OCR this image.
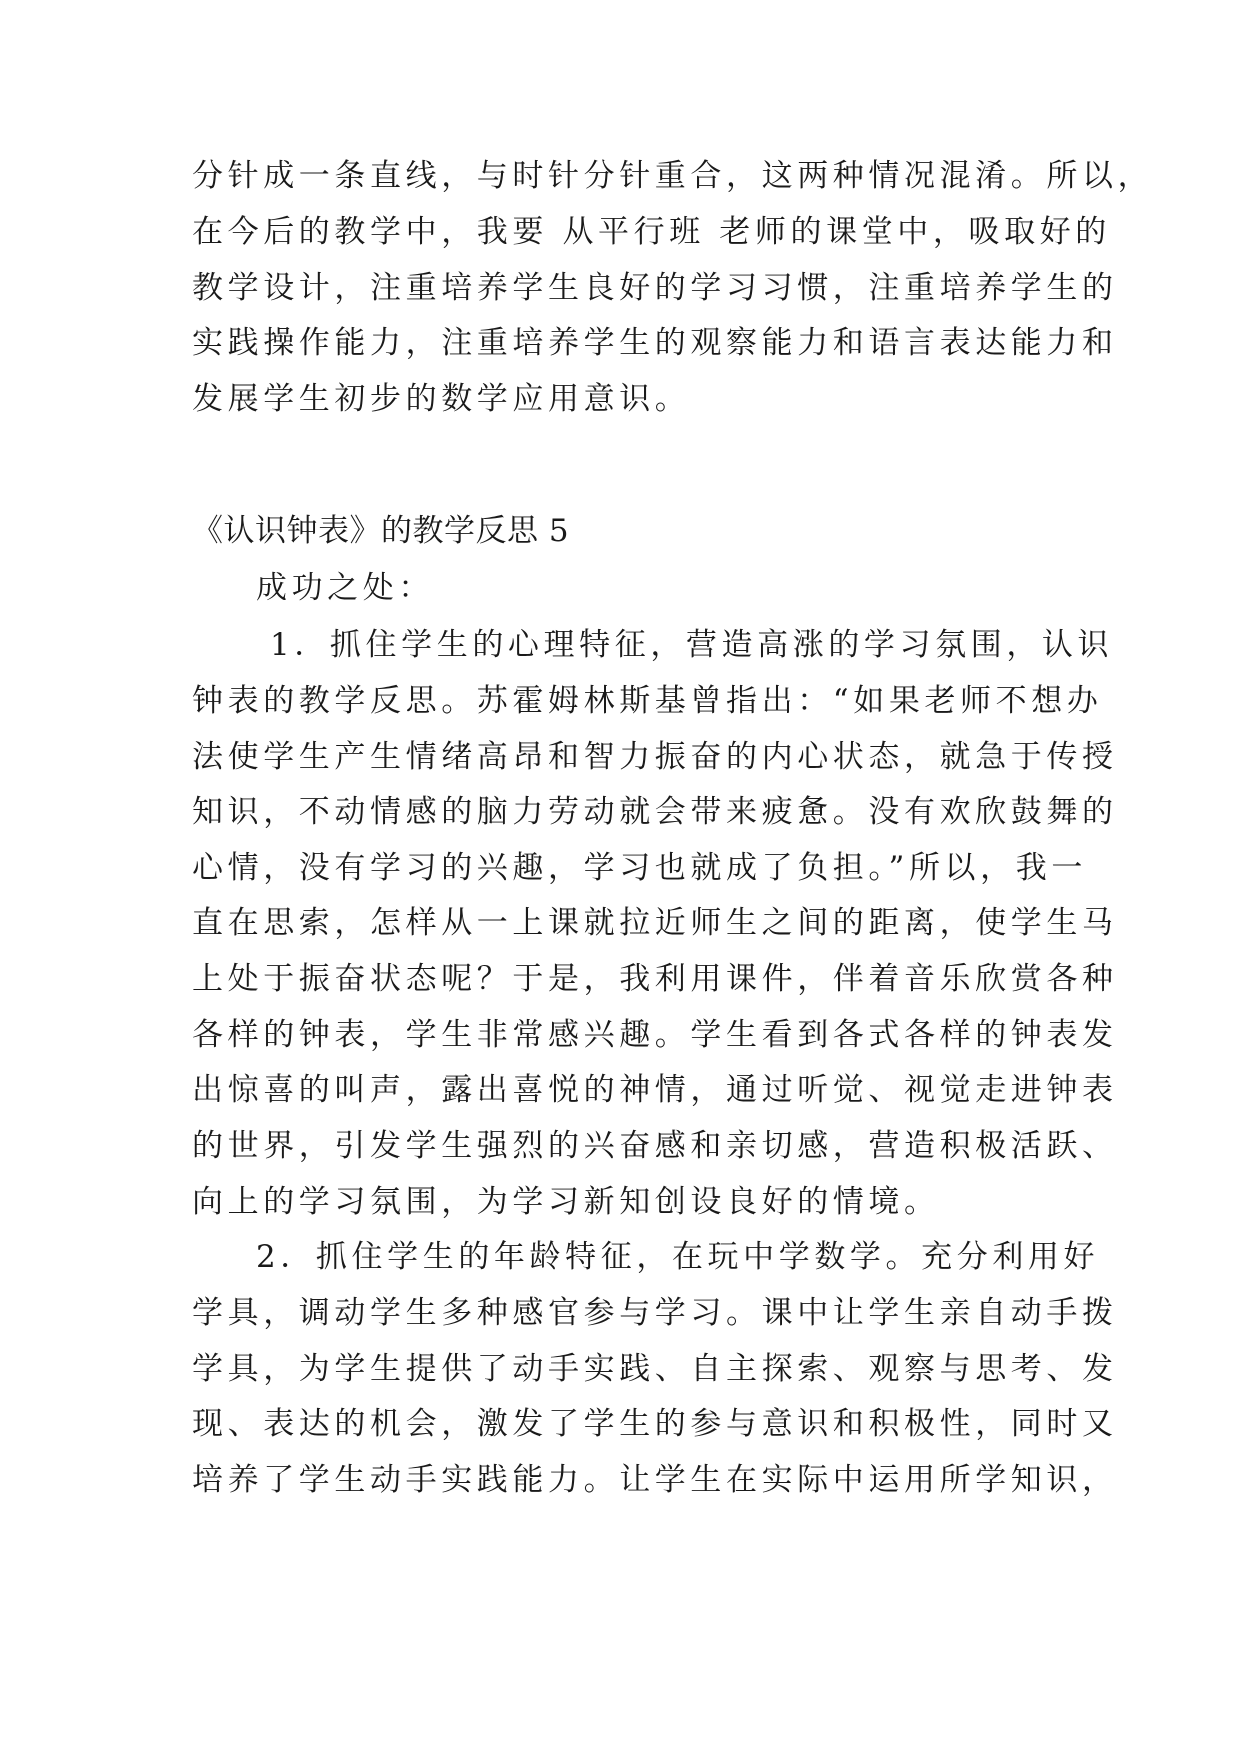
分针成一条直线，与时针分针重合，这两种情况混淆。所以，
在今后的教学中，我要 从平行班 老师的课堂中，吸取好的
教学设计，注重培养学生良好的学习习惯，注重培养学生的
实践操作能力，注重培养学生的观察能力和语言表达能力和
发展学生初步的数学应用意识。
《认识钟表》的教学反思 5
成功之处：
1．抓住学生的心理特征，营造高涨的学习氛围，认识
钟表的教学反思。苏霍姆林斯基曾指出：“如果老师不想办
法使学生产生情绪高昂和智力振奋的内心状态，就急于传授
知识，不动情感的脑力劳动就会带来疲惫。没有欢欣鼓舞的
心情，没有学习的兴趣，学习也就成了负担。”所以，我一
直在思索，怎样从一上课就拉近师生之间的距离，使学生马
上处于振奋状态呢？于是，我利用课件，伴着音乐欣赏各种
各样的钟表，学生非常感兴趣。学生看到各式各样的钟表发
出惊喜的叫声，露出喜悦的神情，通过听觉、视觉走进钟表
的世界，引发学生强烈的兴奋感和亲切感，营造积极活跃、
向上的学习氛围，为学习新知创设良好的情境。
2．抓住学生的年龄特征，在玩中学数学。充分利用好
学具，调动学生多种感官参与学习。课中让学生亲自动手拨
学具，为学生提供了动手实践、自主探索、观察与思考、发
现、表达的机会，激发了学生的参与意识和积极性，同时又
培养了学生动手实践能力。让学生在实际中运用所学知识，
